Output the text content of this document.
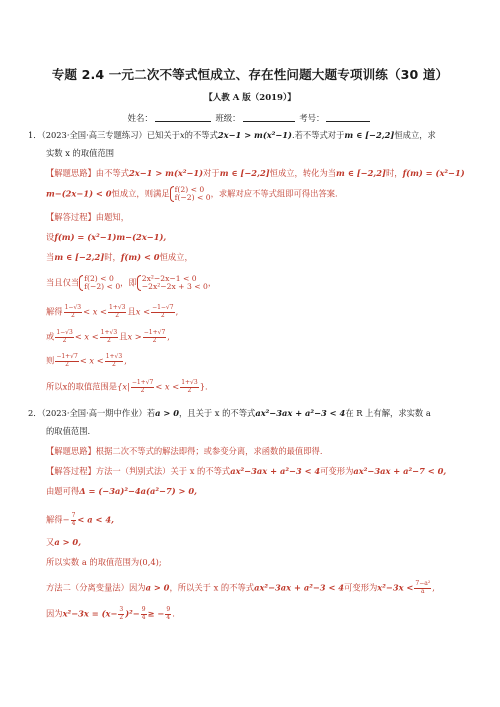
专题 2.4 一元二次不等式恒成立、存在性问题大题专项训练（30 道）
【人教 A 版（2019）】
姓名：	班级：	考号：
1．（2023·全国·高三专题练习）已知关于x的不等式2x−1 > m(x²−1).若不等式对于m ∈ [−2,2]恒成立，求
实数 x 的取值范围
【解题思路】由不等式2x−1 > m(x²−1)对于m ∈ [−2,2]恒成立，转化为当m ∈ [−2,2]时，f(m) = (x²−1)
m−(2x−1) < 0恒成立，则满足 f(2) < 0
f(−2) < 0 ，求解对应不等式组即可得出答案.
【解答过程】由题知，
设f(m) = (x²−1)m−(2x−1),
当m ∈ [−2,2]时，f(m) < 0恒成立，
当且仅当 f(2) < 0
f(−2) < 0 ，即 2x²−2x−1 < 0
−2x²−2x + 3 < 0 ，
解得 $\frac{1-√3}{2} < x < \frac{1+√3}{2}$ 且$x < \frac{-1-√7}{2}$ ,
或 $\frac{1-√3}{2} < x < \frac{1+√3}{2}$ 且$x > \frac{-1+√7}{2}$ ,
则 $\frac{-1+√7}{2} < x < \frac{1+√3}{2}$ ,
所以x的取值范围是{$x| \frac{-1+√7}{2} < x < \frac{1+√3}{2}$ }.
2．（2023·全国·高一期中作业）若a > 0，且关于 x 的不等式ax²−3ax + a²−3 < 4在 R 上有解，求实数 a
的取值范围.
【解题思路】根据二次不等式的解法即得；或参变分离，求函数的最值即得.
【解答过程】方法一（判别式法）关于 x 的不等式ax²−3ax + a²−3 < 4可变形为ax²−3ax + a²−7 < 0,
由题可得Δ = (−3a)²−4a(a²−7) > 0,
解得− $\frac{7}{4} < a < 4$,
又a > 0,
所以实数 a 的取值范围为(0,4);
方法二（分离变量法）因为a > 0，所以关于 x 的不等式ax²−3ax + a²−3 < 4可变形为$x^2-3x < \frac{\text{7−a²}}{a}$ ,
因为$x^2-3x = (x- \frac{3}{2} )^2- \frac{9}{4}$ ≥ − $\frac{9}{4}$ .
